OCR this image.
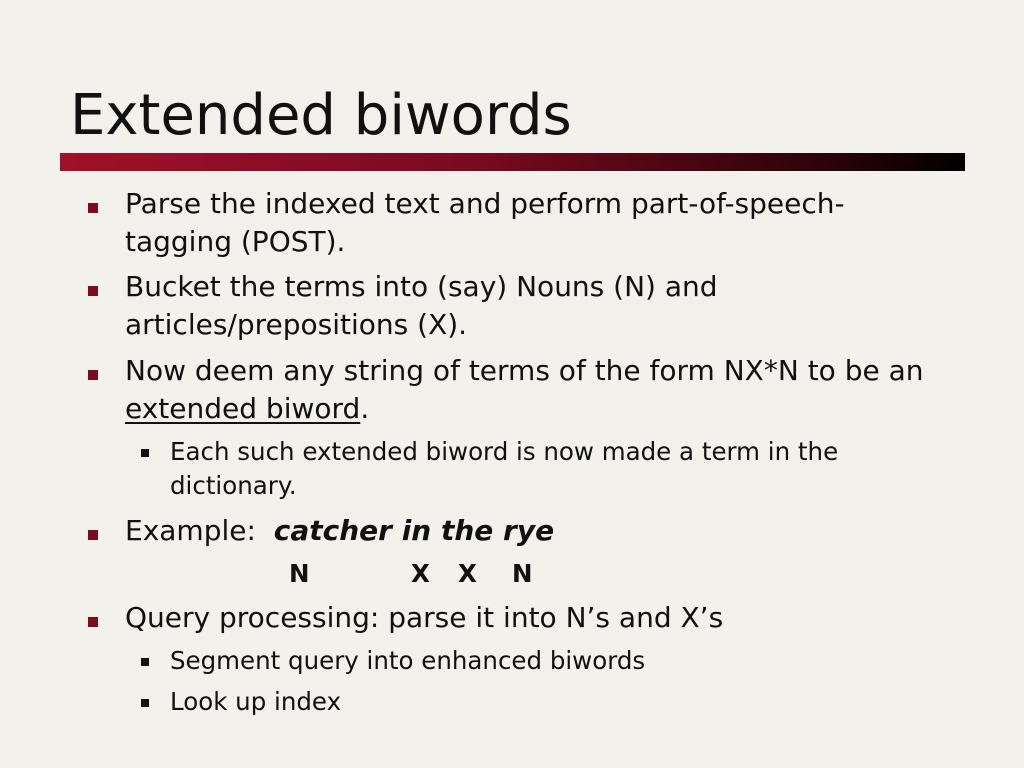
Extended biwords
Parse the indexed text and perform part-of-speech-tagging (POST).
Bucket the terms into (say) Nouns (N) and articles/prepositions (X).
Now deem any string of terms of the form NX*N to be an extended biword.
Each such extended biword is now made a term in the dictionary.
Example: catcher in the rye
N	X X N
Query processing: parse it into N’s and X’s
Segment query into enhanced biwords
Look up index
